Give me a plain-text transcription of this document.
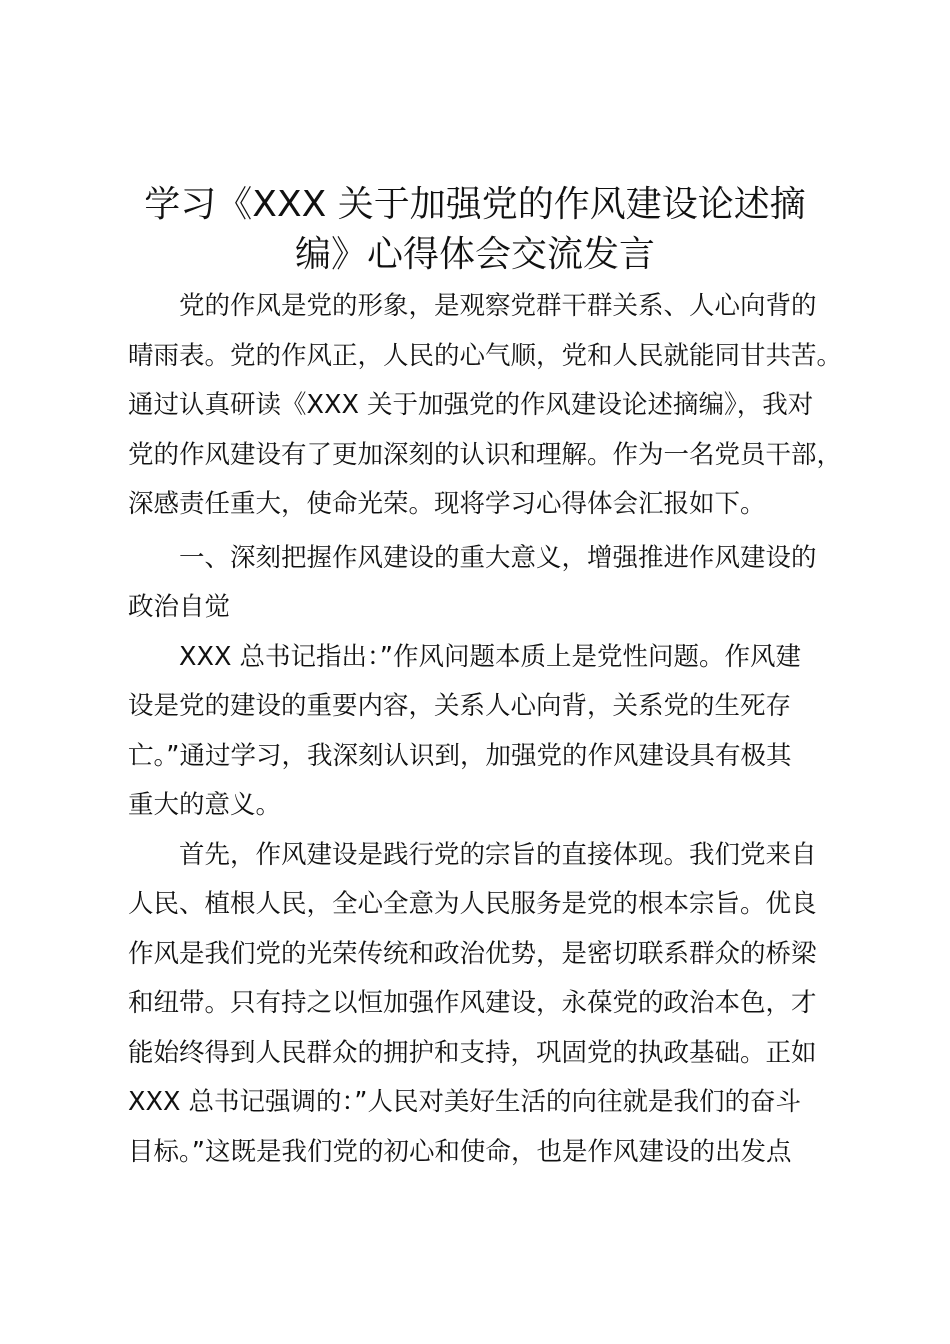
学习《XXX 关于加强党的作风建设论述摘
编》心得体会交流发言
党的作风是党的形象，是观察党群干群关系、人心向背的
晴雨表。党的作风正，人民的心气顺，党和人民就能同甘共苦。
通过认真研读《XXX 关于加强党的作风建设论述摘编》，我对
党的作风建设有了更加深刻的认识和理解。作为一名党员干部，
深感责任重大，使命光荣。现将学习心得体会汇报如下。
一、深刻把握作风建设的重大意义，增强推进作风建设的
政治自觉
XXX 总书记指出：”作风问题本质上是党性问题。作风建
设是党的建设的重要内容，关系人心向背，关系党的生死存
亡。”通过学习，我深刻认识到，加强党的作风建设具有极其
重大的意义。
首先，作风建设是践行党的宗旨的直接体现。我们党来自
人民、植根人民，全心全意为人民服务是党的根本宗旨。优良
作风是我们党的光荣传统和政治优势，是密切联系群众的桥梁
和纽带。只有持之以恒加强作风建设，永葆党的政治本色，才
能始终得到人民群众的拥护和支持，巩固党的执政基础。正如
XXX 总书记强调的：”人民对美好生活的向往就是我们的奋斗
目标。”这既是我们党的初心和使命，也是作风建设的出发点
